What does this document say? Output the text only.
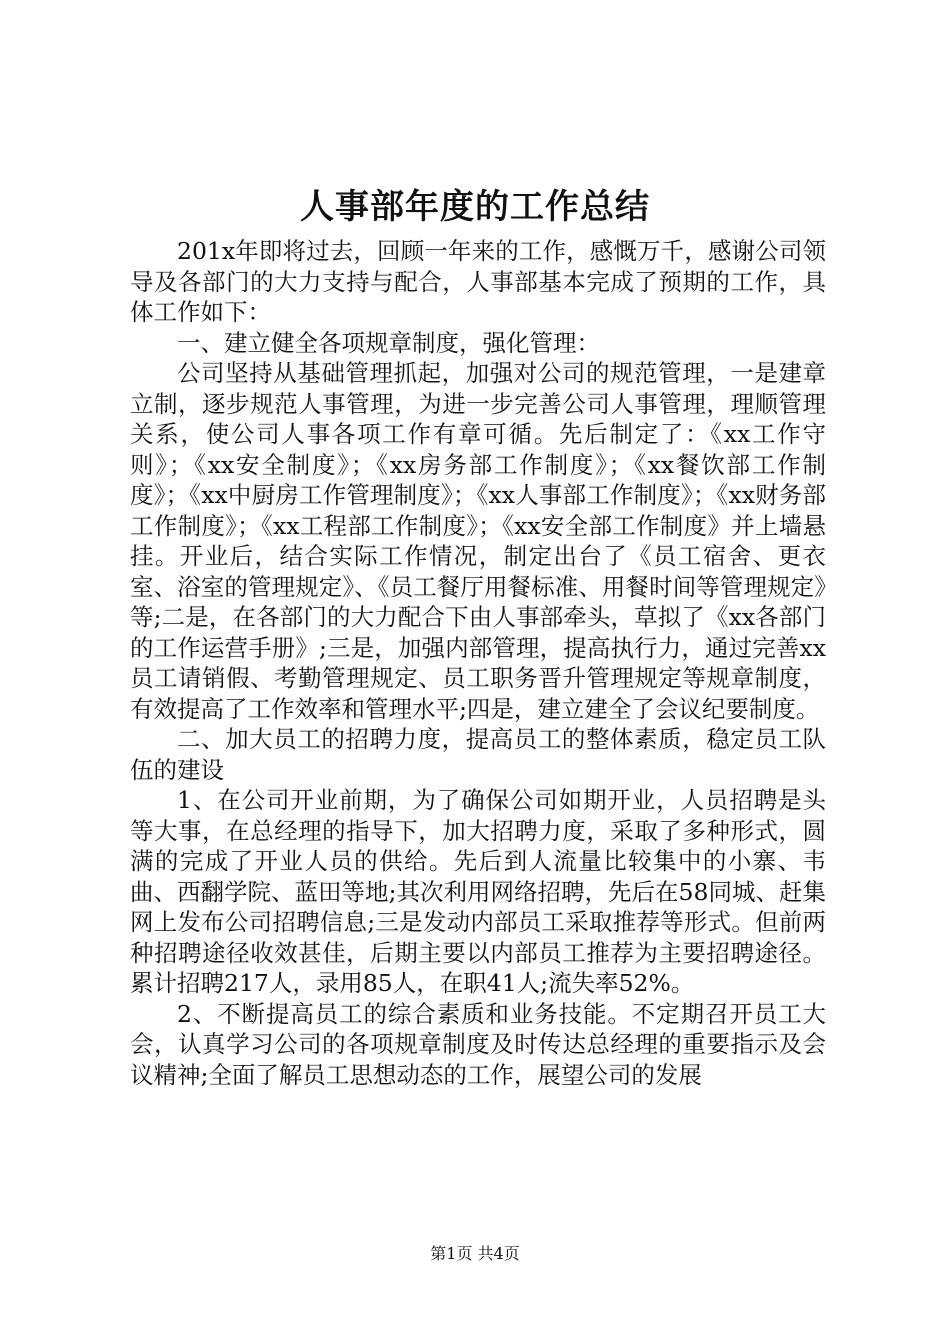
人事部年度的工作总结

201x年即将过去，回顾一年来的工作，感慨万千，感谢公司领导及各部门的大力支持与配合，人事部基本完成了预期的工作，具体工作如下：

一、建立健全各项规章制度，强化管理：

公司坚持从基础管理抓起，加强对公司的规范管理，一是建章立制，逐步规范人事管理，为进一步完善公司人事管理，理顺管理关系，使公司人事各项工作有章可循。先后制定了：《xx工作守则》；《xx安全制度》；《xx房务部工作制度》；《xx餐饮部工作制度》；《xx中厨房工作管理制度》；《xx人事部工作制度》；《xx财务部工作制度》；《xx工程部工作制度》；《xx安全部工作制度》并上墙悬挂。开业后，结合实际工作情况，制定出台了《员工宿舍、更衣室、浴室的管理规定》、《员工餐厅用餐标准、用餐时间等管理规定》等;二是，在各部门的大力配合下由人事部牵头，草拟了《xx各部门的工作运营手册》;三是，加强内部管理，提高执行力，通过完善xx员工请销假、考勤管理规定、员工职务晋升管理规定等规章制度，有效提高了工作效率和管理水平;四是，建立建全了会议纪要制度。

二、加大员工的招聘力度，提高员工的整体素质，稳定员工队伍的建设

1、在公司开业前期，为了确保公司如期开业，人员招聘是头等大事，在总经理的指导下，加大招聘力度，采取了多种形式，圆满的完成了开业人员的供给。先后到人流量比较集中的小寨、韦曲、西翻学院、蓝田等地;其次利用网络招聘，先后在58同城、赶集网上发布公司招聘信息;三是发动内部员工采取推荐等形式。但前两种招聘途径收效甚佳，后期主要以内部员工推荐为主要招聘途径。累计招聘217人，录用85人，在职41人;流失率52%。

2、不断提高员工的综合素质和业务技能。不定期召开员工大会，认真学习公司的各项规章制度及时传达总经理的重要指示及会议精神;全面了解员工思想动态的工作，展望公司的发展

第1页 共4页
